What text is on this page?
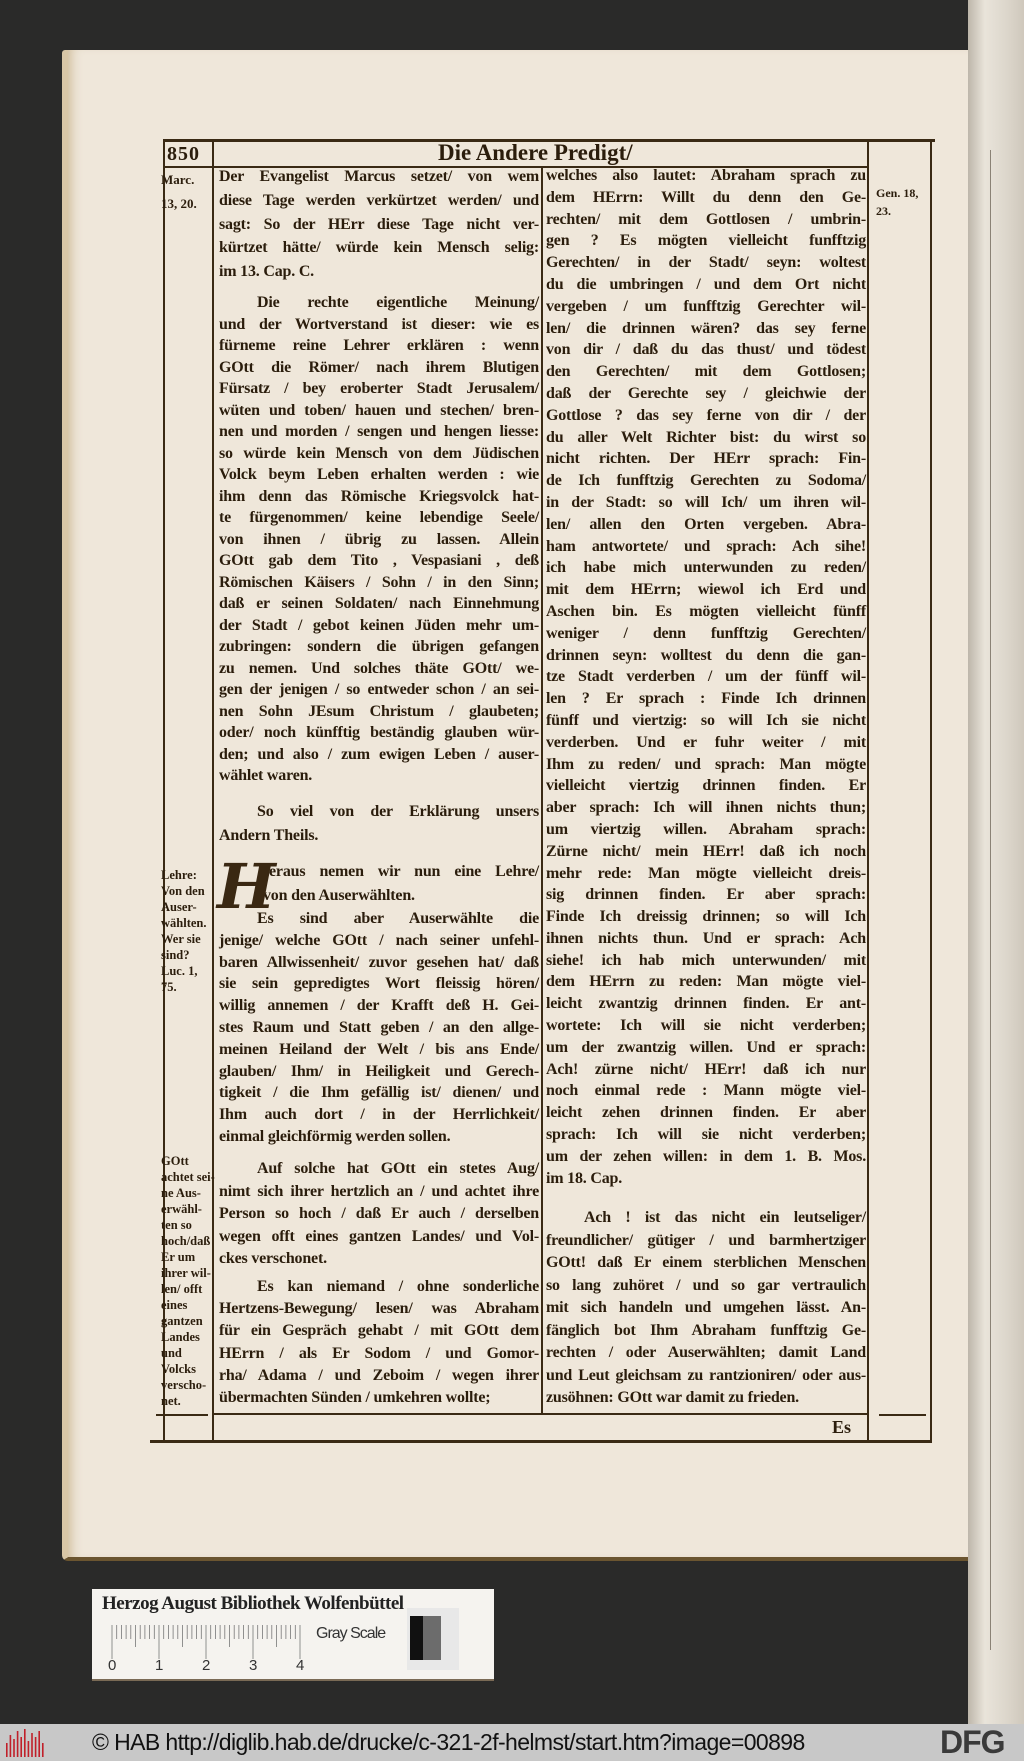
850	Die Andere Predigt/
Es
Marc.
13, 20.
Lehre:
Von den
Auser-
wählten.
Wer sie
sind?
Luc. 1,
75.
GOtt
achtet sei-
ne Aus-
erwähl-
ten so
hoch/daß
Er um
ihrer wil-
len/ offt
eines
gantzen
Landes
und
Volcks
verscho-
net.
Gen. 18,
23.
Der Evangelist Marcus setzet/ von wem
diese Tage werden verkürtzet werden/ und
sagt: So der HErr diese Tage nicht ver-
kürtzet hätte/ würde kein Mensch selig:
im 13. Cap. C.
Die rechte eigentliche Meinung/
und der Wortverstand ist dieser: wie es
fürneme reine Lehrer erklären : wenn
GOtt die Römer/ nach ihrem Blutigen
Fürsatz / bey eroberter Stadt Jerusalem/
wüten und toben/ hauen und stechen/ bren-
nen und morden / sengen und hengen liesse:
so würde kein Mensch von dem Jüdischen
Volck beym Leben erhalten werden : wie
ihm denn das Römische Kriegsvolck hat-
te fürgenommen/ keine lebendige Seele/
von ihnen / übrig zu lassen. Allein
GOtt gab dem Tito , Vespasiani , deß
Römischen Käisers / Sohn / in den Sinn;
daß er seinen Soldaten/ nach Einnehmung
der Stadt / gebot keinen Jüden mehr um-
zubringen: sondern die übrigen gefangen
zu nemen. Und solches thäte GOtt/ we-
gen der jenigen / so entweder schon / an sei-
nen Sohn JEsum Christum / glaubeten;
oder/ noch künfftig beständig glauben wür-
den; und also / zum ewigen Leben / auser-
wählet waren.
So viel von der Erklärung unsers
Andern Theils.
H
Ieraus nemen wir nun eine Lehre/
von den Auserwählten.
Es sind aber Auserwählte die
jenige/ welche GOtt / nach seiner unfehl-
baren Allwissenheit/ zuvor gesehen hat/ daß
sie sein gepredigtes Wort fleissig hören/
willig annemen / der Krafft deß H. Gei-
stes Raum und Statt geben / an den allge-
meinen Heiland der Welt / bis ans Ende/
glauben/ Ihm/ in Heiligkeit und Gerech-
tigkeit / die Ihm gefällig ist/ dienen/ und
Ihm auch dort / in der Herrlichkeit/
einmal gleichförmig werden sollen.
Auf solche hat GOtt ein stetes Aug/
nimt sich ihrer hertzlich an / und achtet ihre
Person so hoch / daß Er auch / derselben
wegen offt eines gantzen Landes/ und Vol-
ckes verschonet.
Es kan niemand / ohne sonderliche
Hertzens-Bewegung/ lesen/ was Abraham
für ein Gespräch gehabt / mit GOtt dem
HErrn / als Er Sodom / und Gomor-
rha/ Adama / und Zeboim / wegen ihrer
übermachten Sünden / umkehren wollte;
welches also lautet: Abraham sprach zu
dem HErrn: Willt du denn den Ge-
rechten/ mit dem Gottlosen / umbrin-
gen ? Es mögten vielleicht funfftzig
Gerechten/ in der Stadt/ seyn: woltest
du die umbringen / und dem Ort nicht
vergeben / um funfftzig Gerechter wil-
len/ die drinnen wären? das sey ferne
von dir / daß du das thust/ und tödest
den Gerechten/ mit dem Gottlosen;
daß der Gerechte sey / gleichwie der
Gottlose ? das sey ferne von dir / der
du aller Welt Richter bist: du wirst so
nicht richten. Der HErr sprach: Fin-
de Ich funfftzig Gerechten zu Sodoma/
in der Stadt: so will Ich/ um ihren wil-
len/ allen den Orten vergeben. Abra-
ham antwortete/ und sprach: Ach sihe!
ich habe mich unterwunden zu reden/
mit dem HErrn; wiewol ich Erd und
Aschen bin. Es mögten vielleicht fünff
weniger / denn funfftzig Gerechten/
drinnen seyn: wolltest du denn die gan-
tze Stadt verderben / um der fünff wil-
len ? Er sprach : Finde Ich drinnen
fünff und viertzig: so will Ich sie nicht
verderben. Und er fuhr weiter / mit
Ihm zu reden/ und sprach: Man mögte
vielleicht viertzig drinnen finden. Er
aber sprach: Ich will ihnen nichts thun;
um viertzig willen. Abraham sprach:
Zürne nicht/ mein HErr! daß ich noch
mehr rede: Man mögte vielleicht dreis-
sig drinnen finden. Er aber sprach:
Finde Ich dreissig drinnen; so will Ich
ihnen nichts thun. Und er sprach: Ach
siehe! ich hab mich unterwunden/ mit
dem HErrn zu reden: Man mögte viel-
leicht zwantzig drinnen finden. Er ant-
wortete: Ich will sie nicht verderben;
um der zwantzig willen. Und er sprach:
Ach! zürne nicht/ HErr! daß ich nur
noch einmal rede : Mann mögte viel-
leicht zehen drinnen finden. Er aber
sprach: Ich will sie nicht verderben;
um der zehen willen: in dem 1. B. Mos.
im 18. Cap.
Ach ! ist das nicht ein leutseliger/
freundlicher/ gütiger / und barmhertziger
GOtt! daß Er einem sterblichen Menschen
so lang zuhöret / und so gar vertraulich
mit sich handeln und umgehen lässt. An-
fänglich bot Ihm Abraham funfftzig Ge-
rechten / oder Auserwählten; damit Land
und Leut gleichsam zu rantzioniren/ oder aus-
zusöhnen: GOtt war damit zu frieden.
Herzog August Bibliothek Wolfenbüttel
0	1	2	3	4
Gray Scale
© HAB http://diglib.hab.de/drucke/c-321-2f-helmst/start.htm?image=00898	DFG
